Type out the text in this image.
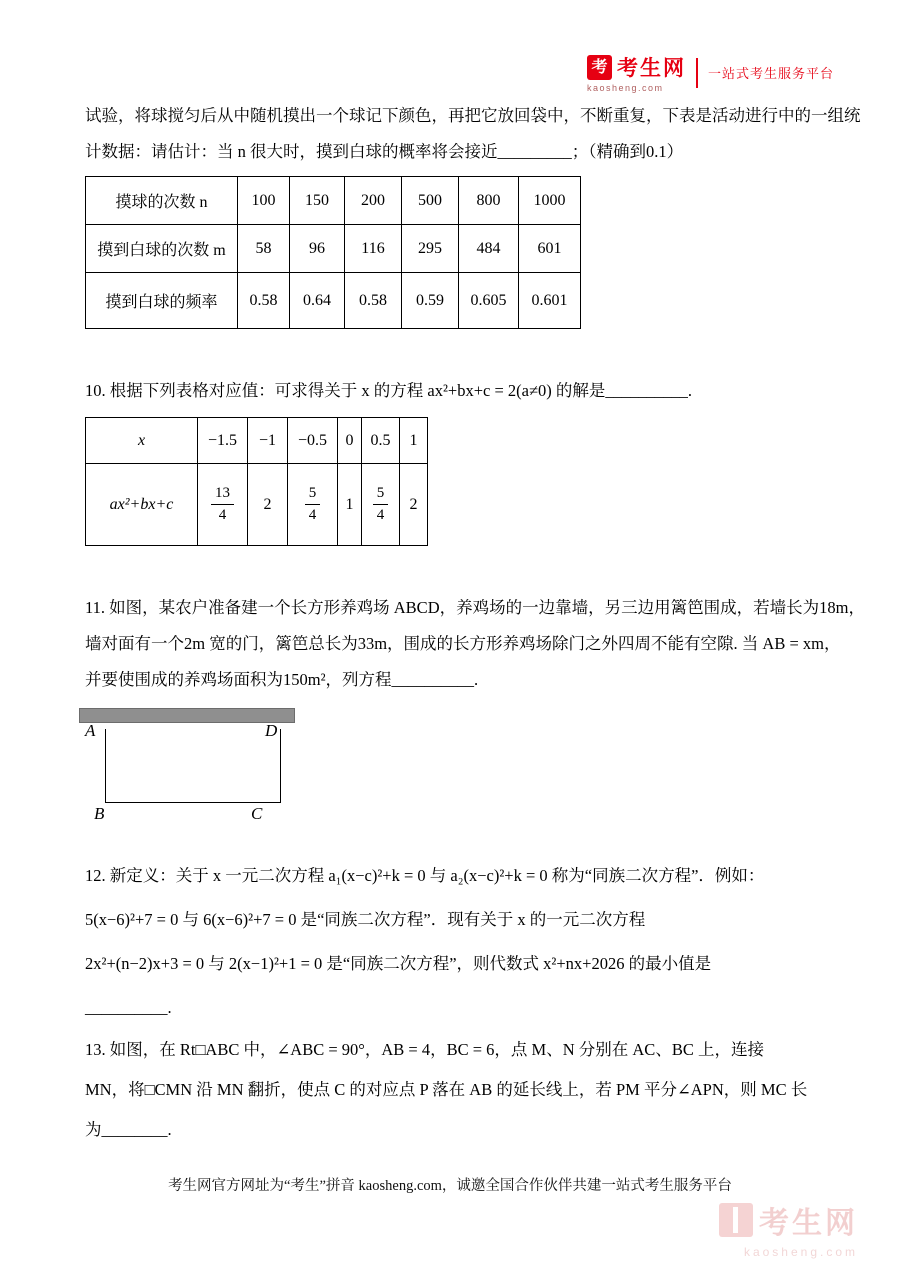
考 考生网
kaosheng.com
一站式考生服务平台

试验，将球搅匀后从中随机摸出一个球记下颜色，再把它放回袋中，不断重复，下表是活动进行中的一组统

计数据：请估计：当 n 很大时，摸到白球的概率将会接近_________；（精确到0.1）

摸球的次数 n	100	150	200	500	800	1000
摸到白球的次数 m	58	96	116	295	484	601
摸到白球的频率	0.58	0.64	0.58	0.59	0.605	0.601

10. 根据下列表格对应值：可求得关于 x 的方程 ax²+bx+c = 2(a≠0) 的解是__________.

x	−1.5	−1	−0.5	0	0.5	1
ax²+bx+c	$\frac{13}{4}$	2	$\frac{5}{4}$	1	$\frac{5}{4}$	2

11. 如图，某农户准备建一个长方形养鸡场 ABCD，养鸡场的一边靠墙，另三边用篱笆围成，若墙长为18m，

墙对面有一个2m 宽的门，篱笆总长为33m，围成的长方形养鸡场除门之外四周不能有空隙. 当 AB = xm，

并要使围成的养鸡场面积为150m²，列方程__________.

A	D
B	C

12. 新定义：关于 x 一元二次方程 a₁(x−c)²+k = 0 与 a₂(x−c)²+k = 0 称为“同族二次方程”．例如：

5(x−6)²+7 = 0 与 6(x−6)²+7 = 0 是“同族二次方程”．现有关于 x 的一元二次方程

2x²+(n−2)x+3 = 0 与 2(x−1)²+1 = 0 是“同族二次方程”，则代数式 x²+nx+2026 的最小值是

__________.

13. 如图，在 Rt□ABC 中，∠ABC = 90°，AB = 4，BC = 6，点 M、N 分别在 AC、BC 上，连接

MN，将□CMN 沿 MN 翻折，使点 C 的对应点 P 落在 AB 的延长线上，若 PM 平分∠APN，则 MC 长

为________.

考生网官方网址为“考生”拼音 kaosheng.com，诚邀全国合作伙伴共建一站式考生服务平台
考生网
kaosheng.com
